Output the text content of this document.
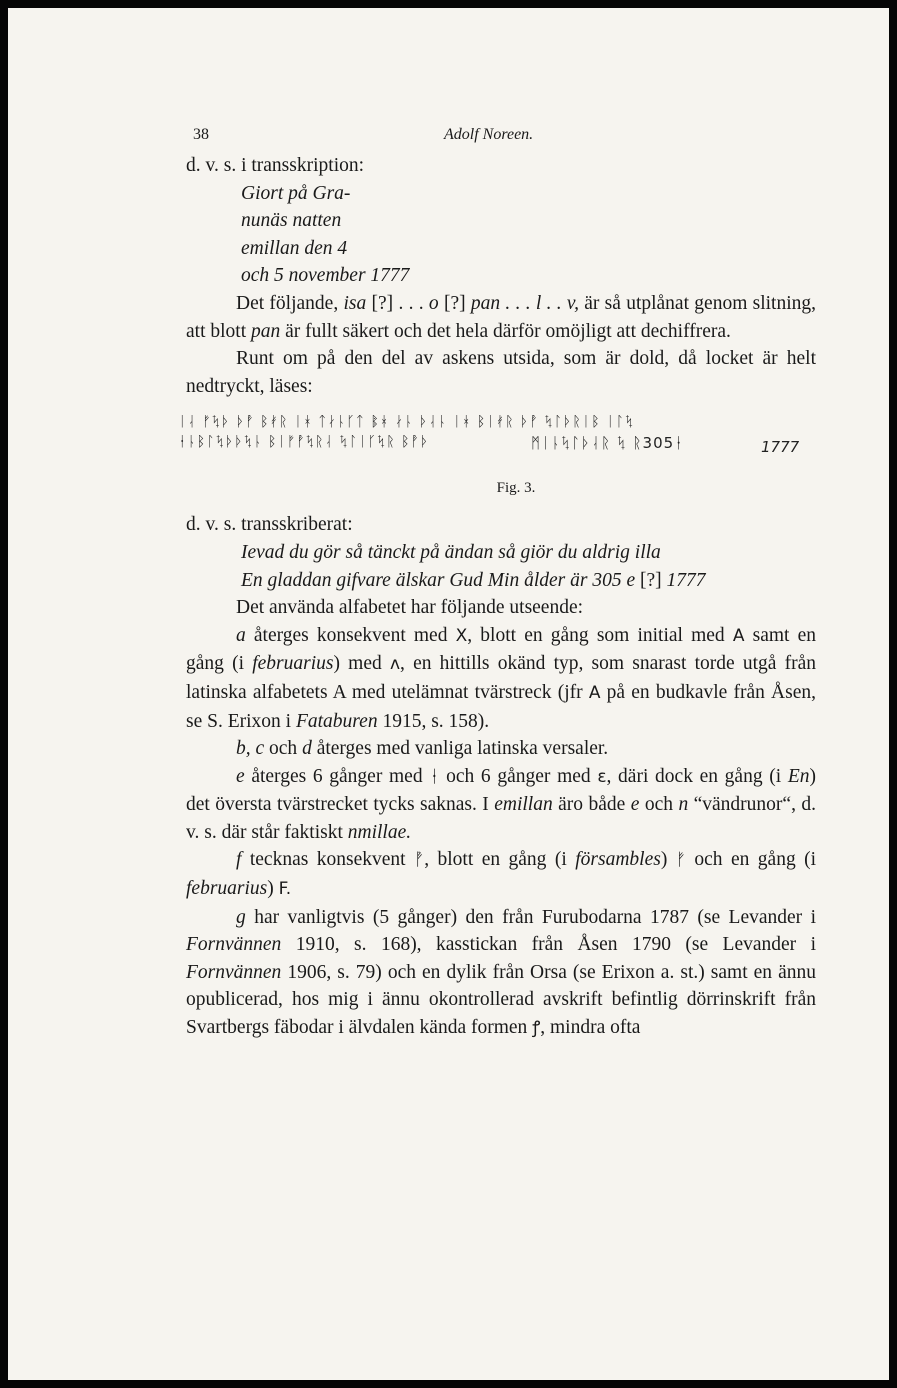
38	Adolf Noreen.

d. v. s. i transskription:

Giort på Gra-
nunäs natten
emillan den 4
och 5 november 1777

Det följande, isa [?] . . . o [?] pan . . . l . . v, är så utplånat genom slitning, att blott pan är fullt säkert och det hela därför omöjligt att dechiffrera.

Runt om på den del av askens utsida, som är dold, då locket är helt nedtryckt, läses:

ᛁᛆ ᚠᛪᚦ ᚦᚡ ᛒᚯᚱ ᛁᚼ ᛏᛅᚿᚴᛏ ᛔᚼ ᛅᚿ ᚦᛆᚿ ᛁᚼ ᛒᛁᚯᚱ ᚦᚡ ᛪᛚᚦᚱᛁᛒ ᛁᛚᛪ
ᛂᚿᛒᛚᛪᚦᚦᛪᚿ ᛒᛁᚠᚡᛪᚱᛆ ᛪᛚᛁᚴᛪᚱ ᛒᚡᚦ	ᛗᛁᚿᛪᛚᚦᛆᚱ ᛪ ᚱ305ᛂ	1777
Fig. 3.

d. v. s. transskriberat:

Ievad du gör så tänckt på ändan så giör du aldrig illa
En gladdan gifvare älskar Gud Min ålder är 305 e [?] 1777

Det använda alfabetet har följande utseende:

a återges konsekvent med X, blott en gång som initial med A samt en gång (i februarius) med ʌ, en hittills okänd typ, som snarast torde utgå från latinska alfabetets A med utelämnat tvärstreck (jfr A på en budkavle från Åsen, se S. Erixon i Fataburen 1915, s. 158).

b, c och d återges med vanliga latinska versaler.

e återges 6 gånger med ᛂ och 6 gånger med ɛ, däri dock en gång (i En) det översta tvärstrecket tycks saknas. I emillan äro både e och n “vändrunor“, d. v. s. där står faktiskt nmillae.

f tecknas konsekvent ᚡ, blott en gång (i försambles) ᚠ och en gång (i februarius) F.

g har vanligtvis (5 gånger) den från Furubodarna 1787 (se Levander i Fornvännen 1910, s. 168), kasstickan från Åsen 1790 (se Levander i Fornvännen 1906, s. 79) och en dylik från Orsa (se Erixon a. st.) samt en ännu opublicerad, hos mig i ännu okontrollerad avskrift befintlig dörrinskrift från Svartbergs fäbodar i älvdalen kända formen ꝭ, mindra ofta
